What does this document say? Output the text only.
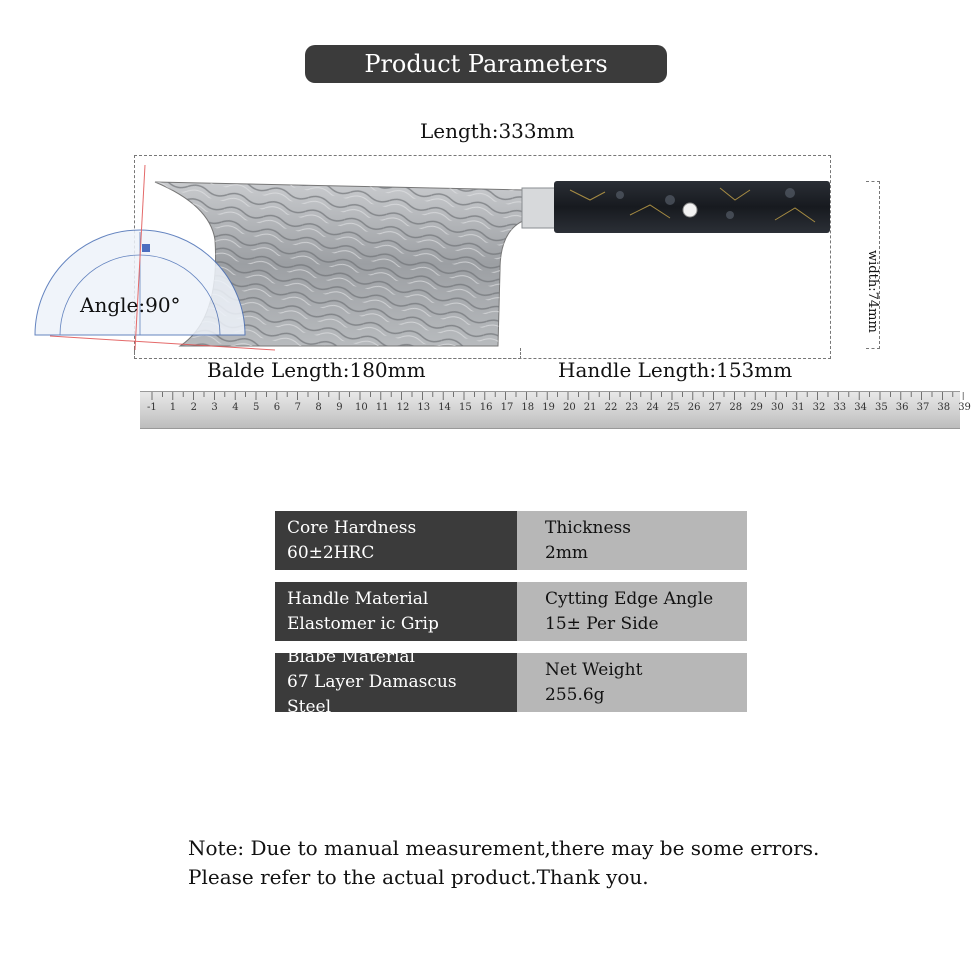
Product Parameters
Length:333mm
Angle:90°	width:74mm
Balde Length:180mm	Handle Length:153mm
-1 1 2 3 4 5 6 7 8 9 10 11 12 13 14 15 16 17 18 19 20 21 22 23 24 25 26 27 28 29 30 31 32 33 34 35 36 37 38 39
Core Hardness
60±2HRC
Thickness
2mm
Handle Material
Elastomer ic Grip
Cytting Edge Angle
15± Per Side
Blabe Material
67 Layer Damascus Steel
Net Weight
255.6g
Note: Due to manual measurement,there may be some errors.
Please refer to the actual product.Thank you.
